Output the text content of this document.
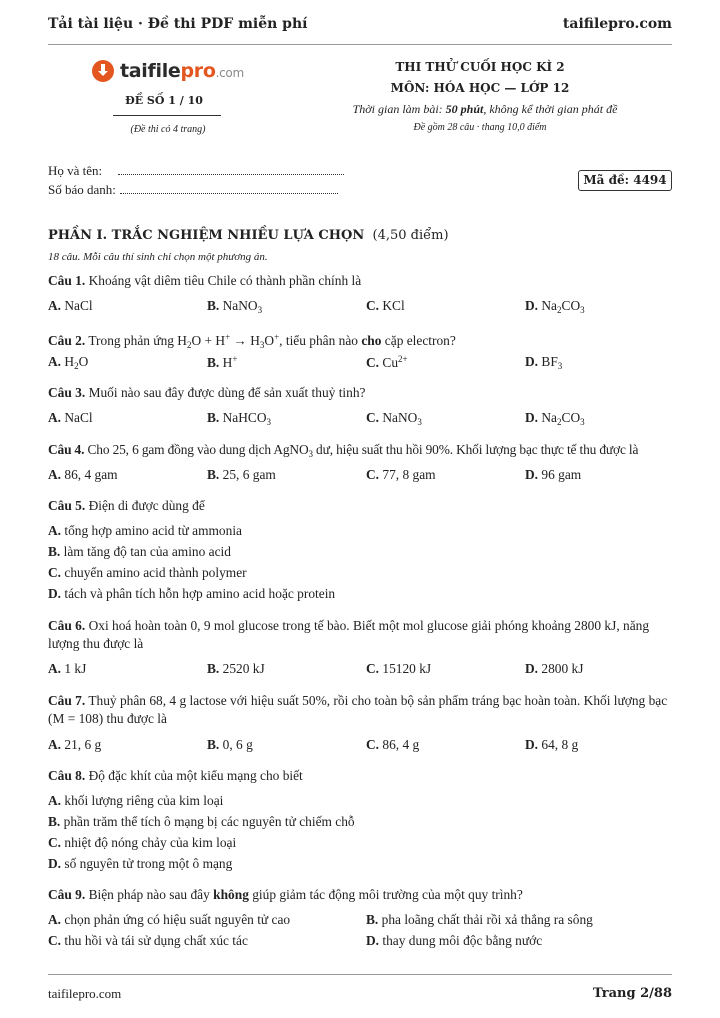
Tải tài liệu · Đề thi PDF miễn phí	taifilepro.com
taifilepro.com
ĐỀ SỐ 1 / 10
(Đề thi có 4 trang)
THI THỬ CUỐI HỌC KÌ 2
MÔN: HÓA HỌC — LỚP 12
Thời gian làm bài: 50 phút, không kể thời gian phát đề
Đề gồm 28 câu · thang 10,0 điểm
Họ và tên:
Số báo danh:
Mã đề: 4494
PHẦN I. TRẮC NGHIỆM NHIỀU LỰA CHỌN (4,50 điểm)
18 câu. Mỗi câu thí sinh chỉ chọn một phương án.
Câu 1. Khoáng vật diêm tiêu Chile có thành phần chính là
A. NaCl	B. NaNO$_3$	C. KCl	D. $Na_2CO_3$
Câu 2. Trong phản ứng $H_2O + H^+ \to H_3O^+$, tiểu phân nào cho cặp electron?
A. $H_2O$	B. H+	C. $Cu^{2+}$	D. $BF_3$
Câu 3. Muối nào sau đây được dùng để sản xuất thuỷ tinh?
A. NaCl	B. NaHCO$_3$	C. NaNO$_3$	D. $Na_2CO_3$
Câu 4. Cho 25, 6 gam đồng vào dung dịch AgNO$_3$ dư, hiệu suất thu hồi 90%. Khối lượng bạc thực tế thu được là
A. 86, 4 gam	B. 25, 6 gam	C. 77, 8 gam	D. 96 gam
Câu 5. Điện di được dùng để
A. tổng hợp amino acid từ ammonia
B. làm tăng độ tan của amino acid
C. chuyển amino acid thành polymer
D. tách và phân tích hỗn hợp amino acid hoặc protein
Câu 6. Oxi hoá hoàn toàn 0, 9 mol glucose trong tế bào. Biết một mol glucose giải phóng khoảng 2800 kJ, năng lượng thu được là
A. 1 kJ	B. 2520 kJ	C. 15120 kJ	D. 2800 kJ
Câu 7. Thuỷ phân 68, 4 g lactose với hiệu suất 50%, rồi cho toàn bộ sản phẩm tráng bạc hoàn toàn. Khối lượng bạc (M = 108) thu được là
A. 21, 6 g	B. 0, 6 g	C. 86, 4 g	D. 64, 8 g
Câu 8. Độ đặc khít của một kiểu mạng cho biết
A. khối lượng riêng của kim loại
B. phần trăm thể tích ô mạng bị các nguyên tử chiếm chỗ
C. nhiệt độ nóng chảy của kim loại
D. số nguyên tử trong một ô mạng
Câu 9. Biện pháp nào sau đây không giúp giảm tác động môi trường của một quy trình?
A. chọn phản ứng có hiệu suất nguyên tử cao	B. pha loãng chất thải rồi xả thẳng ra sông
C. thu hồi và tái sử dụng chất xúc tác	D. thay dung môi độc bằng nước
taifilepro.com	Trang 2/88
